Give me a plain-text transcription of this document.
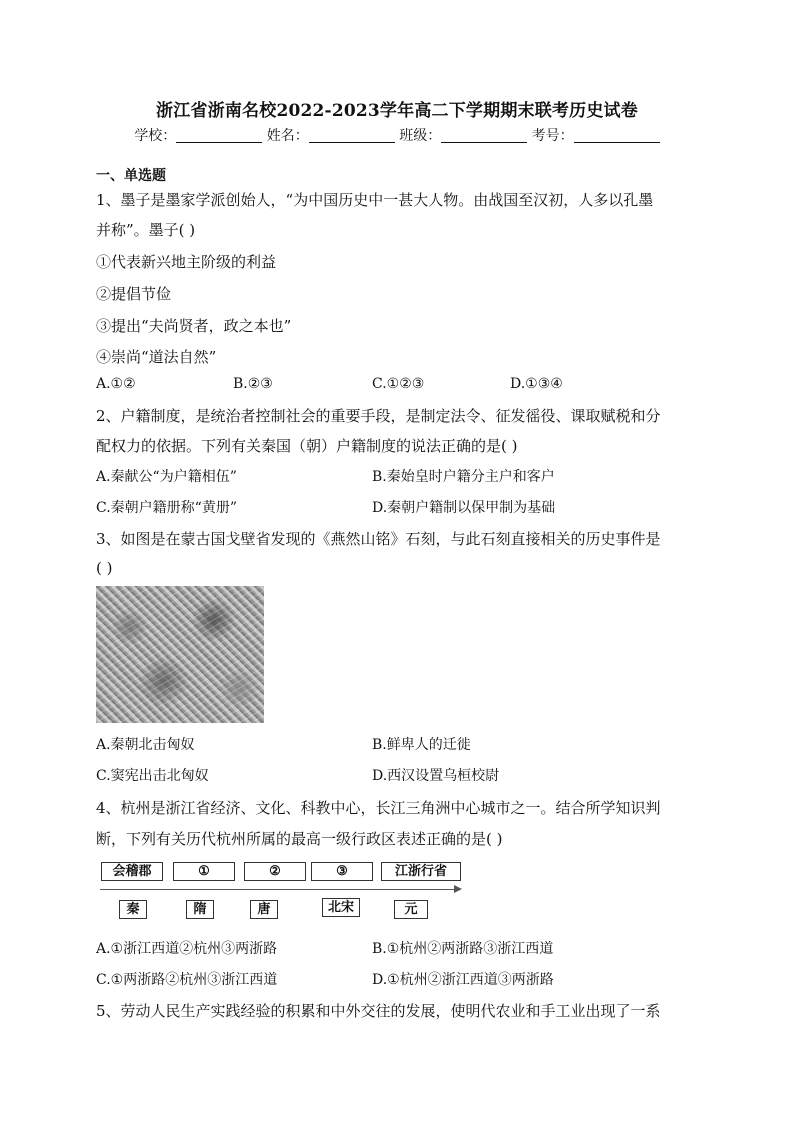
浙江省浙南名校2022-2023学年高二下学期期末联考历史试卷
学校：	姓名：	班级：	考号：
一、单选题
1、墨子是墨家学派创始人，“为中国历史中一甚大人物。由战国至汉初，人多以孔墨
并称”。墨子( )
①代表新兴地主阶级的利益
②提倡节俭
③提出“夫尚贤者，政之本也”
④崇尚“道法自然”
A.①②	B.②③	C.①②③	D.①③④
2、户籍制度，是统治者控制社会的重要手段，是制定法令、征发徭役、课取赋税和分
配权力的依据。下列有关秦国（朝）户籍制度的说法正确的是( )
A.秦献公“为户籍相伍”	B.秦始皇时户籍分主户和客户
C.秦朝户籍册称“黄册”	D.秦朝户籍制以保甲制为基础
3、如图是在蒙古国戈壁省发现的《燕然山铭》石刻，与此石刻直接相关的历史事件是
( )
A.秦朝北击匈奴	B.鲜卑人的迁徙
C.窦宪出击北匈奴	D.西汉设置乌桓校尉
4、杭州是浙江省经济、文化、科教中心，长江三角洲中心城市之一。结合所学知识判
断，下列有关历代杭州所属的最高一级行政区表述正确的是( )
会稽郡	①	②	③	江浙行省
秦	隋	唐	北宋	元
A.①浙江西道②杭州③两浙路	B.①杭州②两浙路③浙江西道
C.①两浙路②杭州③浙江西道	D.①杭州②浙江西道③两浙路
5、劳动人民生产实践经验的积累和中外交往的发展，使明代农业和手工业出现了一系
